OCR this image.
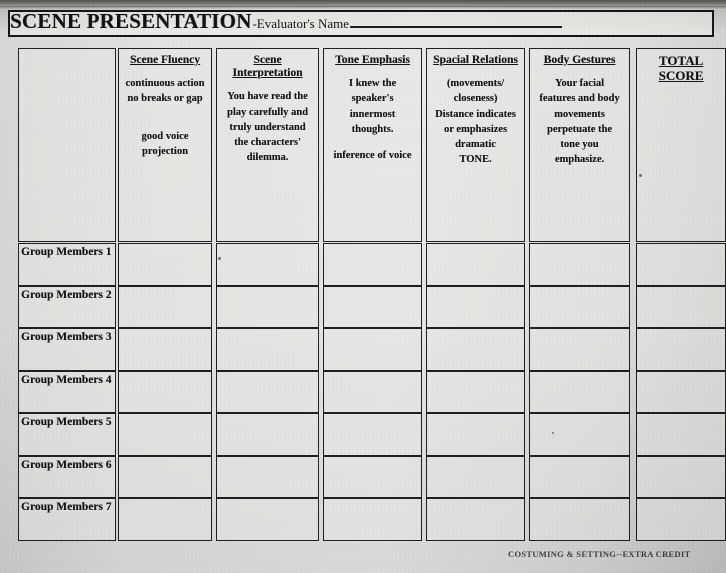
SCENE PRESENTATION -Evaluator's Name
Group Members 1
Group Members 2
Group Members 3
Group Members 4
Group Members 5
Group Members 6
Group Members 7
Scene Fluency
continuous action
no breaks or gap
good voice
projection
Scene
Interpretation
You have read the
play carefully and
truly understand
the characters'
dilemma.
Tone Emphasis
I knew the
speaker's
innermost
thoughts.
inference of voice
Spacial Relations
(movements/
closeness)
Distance indicates
or emphasizes
dramatic
TONE.
Body Gestures
Your facial
features and body
movements
perpetuate the
tone you
emphasize.
TOTAL SCORE
COSTUMING & SETTING--EXTRA CREDIT
